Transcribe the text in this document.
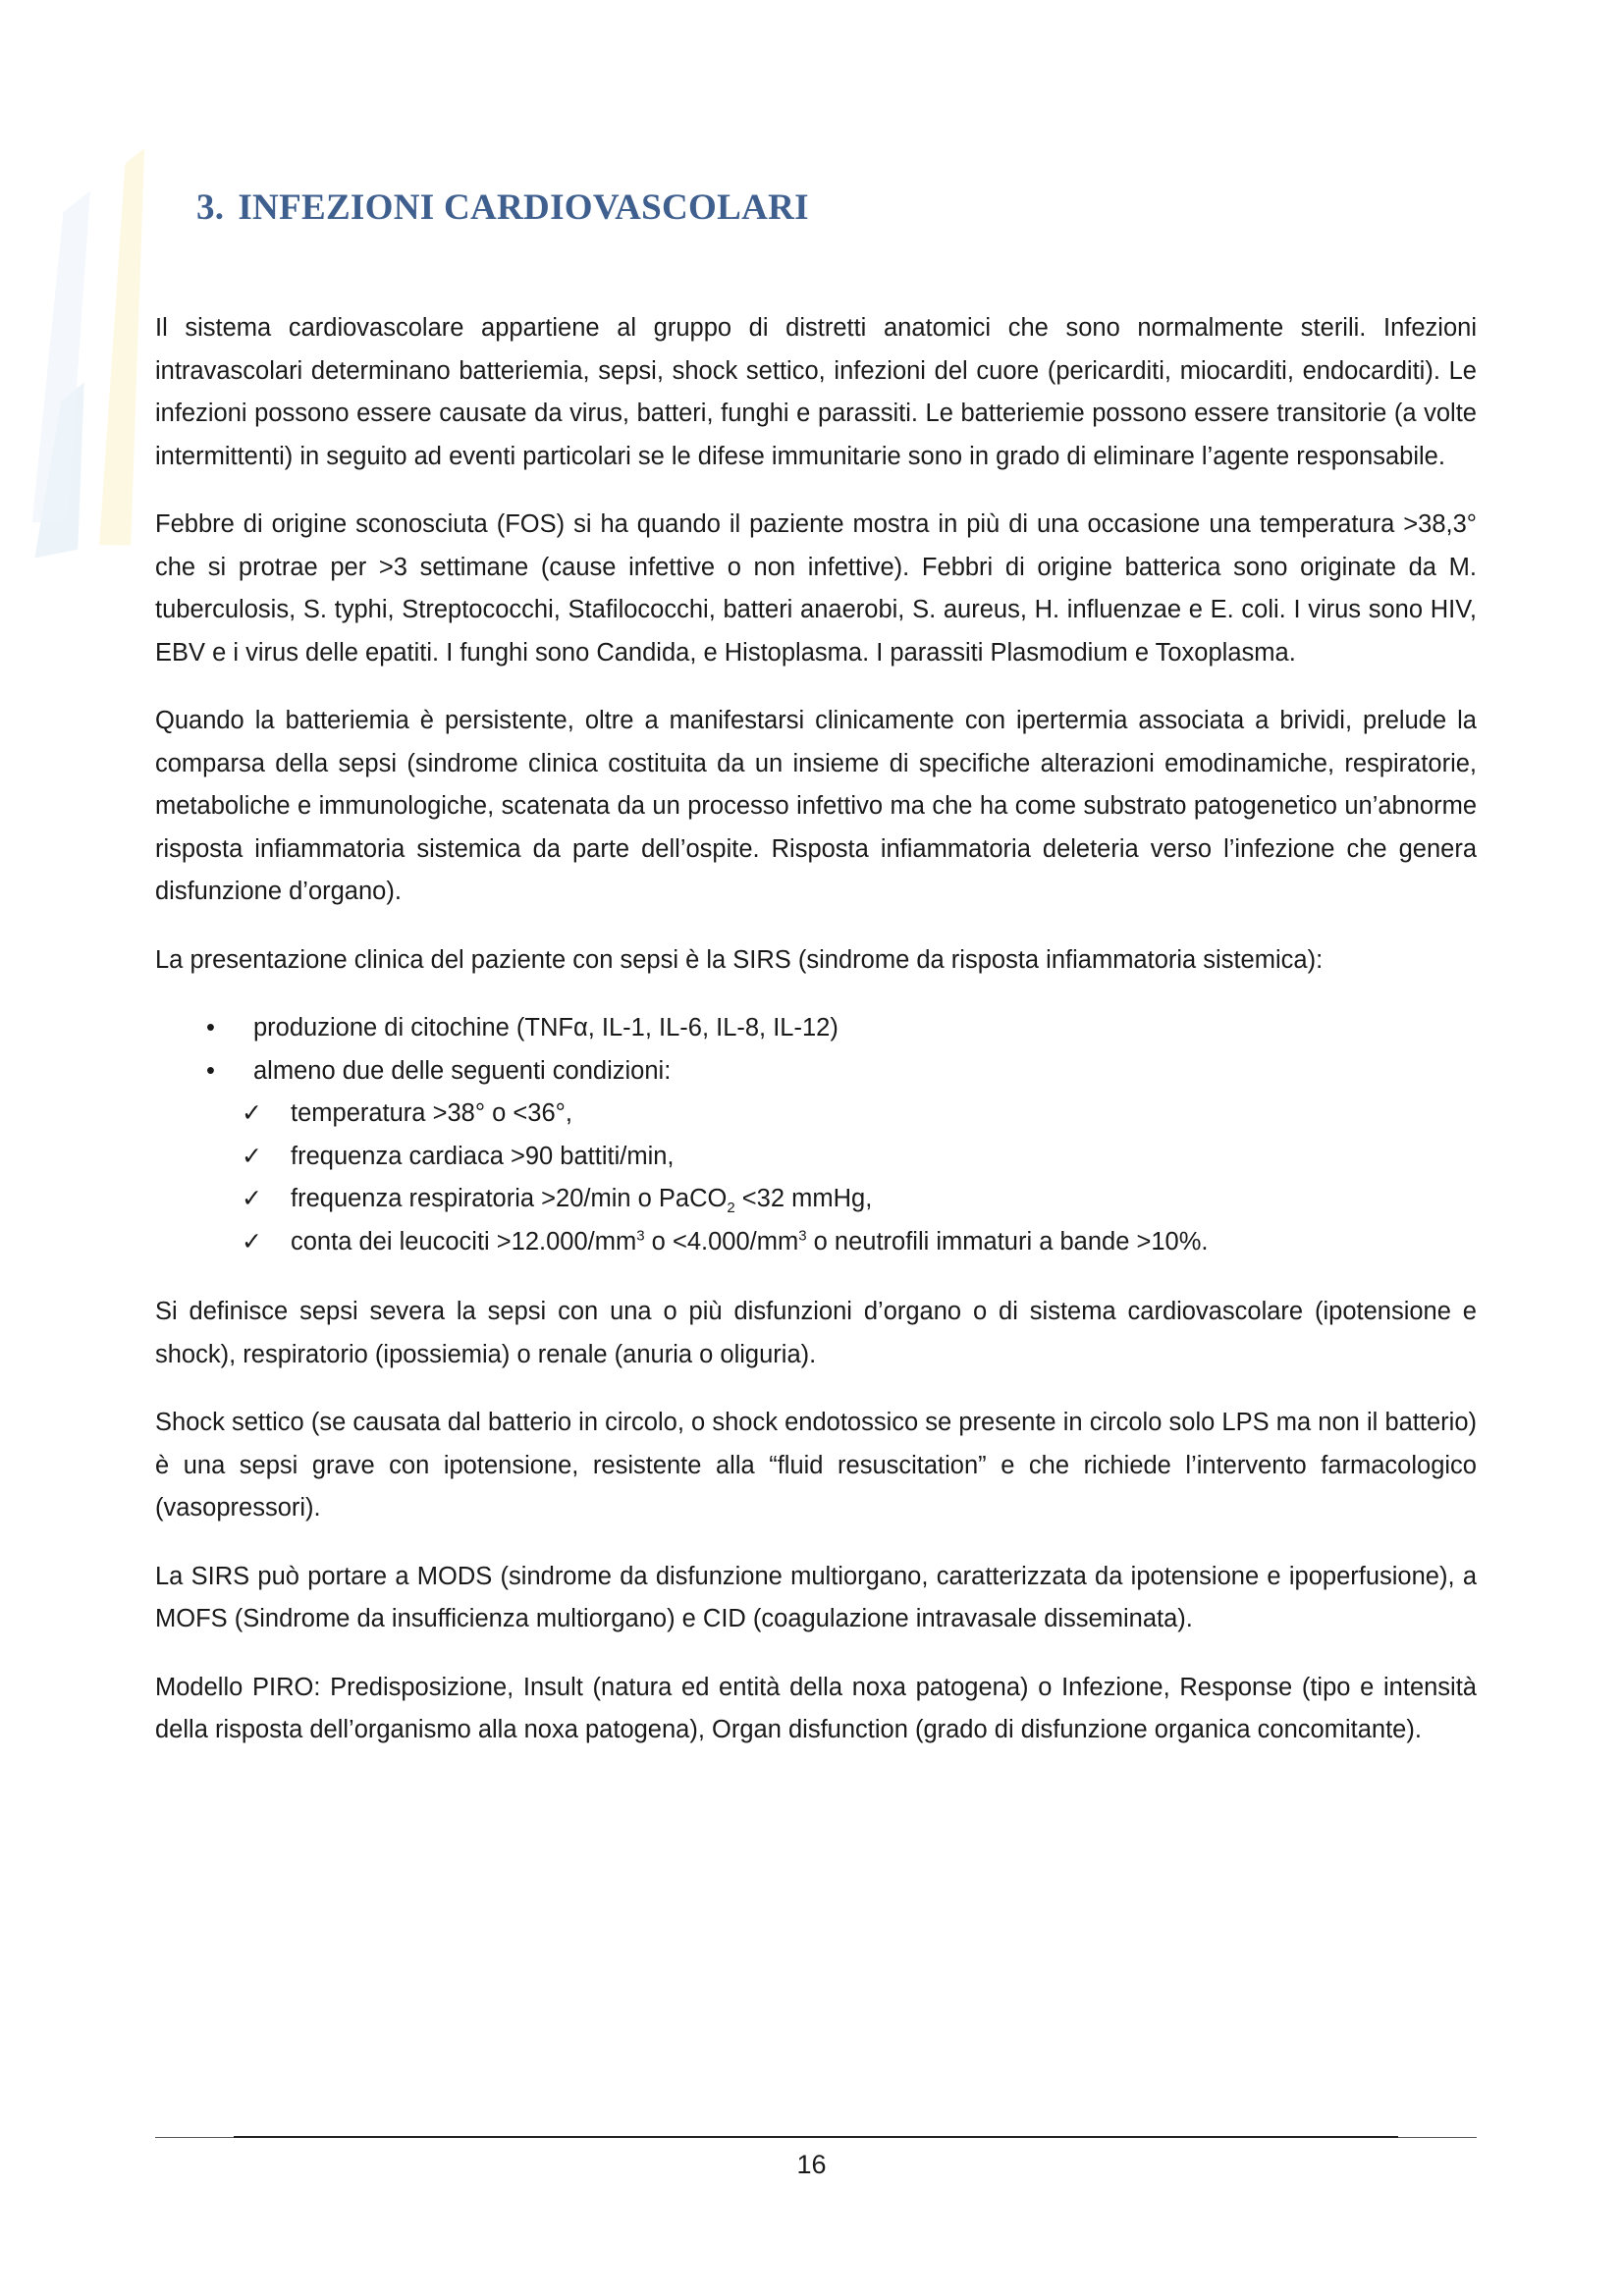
3. INFEZIONI CARDIOVASCOLARI

Il sistema cardiovascolare appartiene al gruppo di distretti anatomici che sono normalmente sterili. Infezioni intravascolari determinano batteriemia, sepsi, shock settico, infezioni del cuore (pericarditi, miocarditi, endocarditi). Le infezioni possono essere causate da virus, batteri, funghi e parassiti. Le batteriemie possono essere transitorie (a volte intermittenti) in seguito ad eventi particolari se le difese immunitarie sono in grado di eliminare l’agente responsabile.

Febbre di origine sconosciuta (FOS) si ha quando il paziente mostra in più di una occasione una temperatura >38,3° che si protrae per >3 settimane (cause infettive o non infettive). Febbri di origine batterica sono originate da M. tuberculosis, S. typhi, Streptococchi, Stafilococchi, batteri anaerobi, S. aureus, H. influenzae e E. coli. I virus sono HIV, EBV e i virus delle epatiti. I funghi sono Candida, e Histoplasma. I parassiti Plasmodium e Toxoplasma.

Quando la batteriemia è persistente, oltre a manifestarsi clinicamente con ipertermia associata a brividi, prelude la comparsa della sepsi (sindrome clinica costituita da un insieme di specifiche alterazioni emodinamiche, respiratorie, metaboliche e immunologiche, scatenata da un processo infettivo ma che ha come substrato patogenetico un’abnorme risposta infiammatoria sistemica da parte dell’ospite. Risposta infiammatoria deleteria verso l’infezione che genera disfunzione d’organo).

La presentazione clinica del paziente con sepsi è la SIRS (sindrome da risposta infiammatoria sistemica):

• produzione di citochine (TNFα, IL-1, IL-6, IL-8, IL-12)
• almeno due delle seguenti condizioni:
✓ temperatura >38° o <36°,
✓ frequenza cardiaca >90 battiti/min,
✓ frequenza respiratoria >20/min o PaCO$_2$ <32 mmHg,
✓ conta dei leucociti $>12.000/mm^3$ $o <4.000/mm^3$ o neutrofili immaturi a bande >10%.

Si definisce sepsi severa la sepsi con una o più disfunzioni d’organo o di sistema cardiovascolare (ipotensione e shock), respiratorio (ipossiemia) o renale (anuria o oliguria).

Shock settico (se causata dal batterio in circolo, o shock endotossico se presente in circolo solo LPS ma non il batterio) è una sepsi grave con ipotensione, resistente alla “fluid resuscitation” e che richiede l’intervento farmacologico (vasopressori).

La SIRS può portare a MODS (sindrome da disfunzione multiorgano, caratterizzata da ipotensione e ipoperfusione), a MOFS (Sindrome da insufficienza multiorgano) e CID (coagulazione intravasale disseminata).

Modello PIRO: Predisposizione, Insult (natura ed entità della noxa patogena) o Infezione, Response (tipo e intensità della risposta dell’organismo alla noxa patogena), Organ disfunction (grado di disfunzione organica concomitante).

16
